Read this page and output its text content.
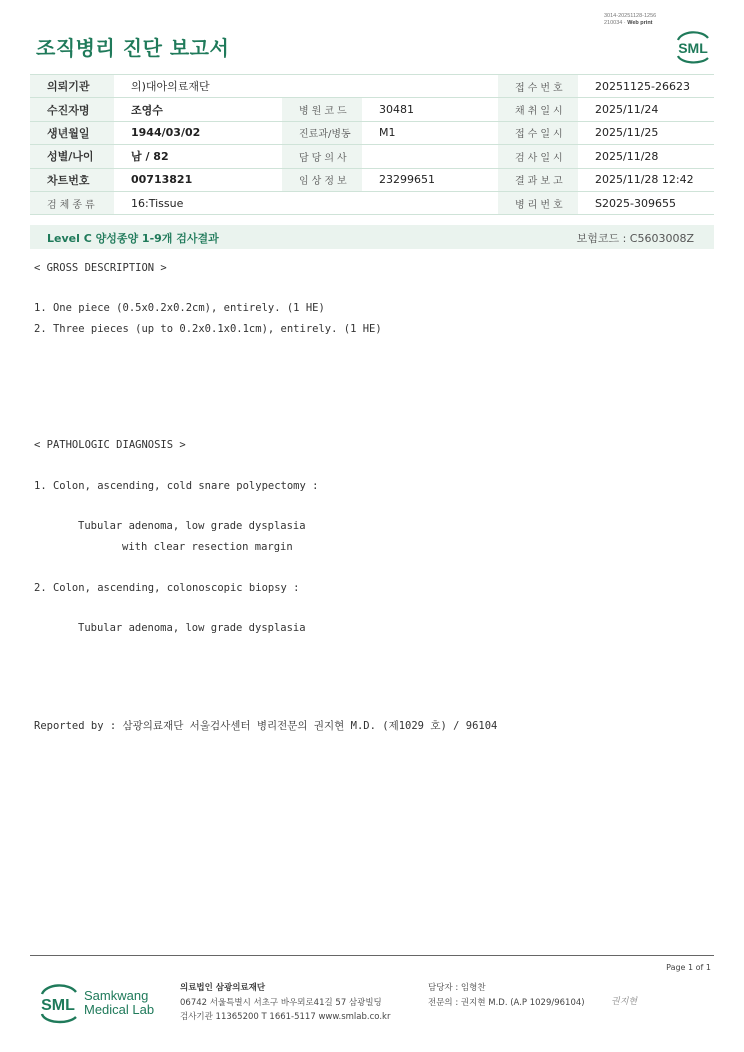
3014-20251128-1256
210034 · Web print
조직병리 진단 보고서	SML
의뢰기관	의)대아의료재단			접수번호	20251125-26623
수진자명	조영수	병원코드	30481	채취일시	2025/11/24
생년월일	1944/03/02	진료과/병동	M1	접수일시	2025/11/25
성별/나이	남 / 82	담당의사		검사일시	2025/11/28
차트번호	00713821	임상정보	23299651	결과보고	2025/11/28 12:42
검체종류	16:Tissue			병리번호	S2025-309655
Level C 양성종양 1-9개 검사결과	보험코드 : C5603008Z
< GROSS DESCRIPTION >
1. One piece (0.5x0.2x0.2cm), entirely. (1 HE)
2. Three pieces (up to 0.2x0.1x0.1cm), entirely. (1 HE)
< PATHOLOGIC DIAGNOSIS >
1. Colon, ascending, cold snare polypectomy :
Tubular adenoma, low grade dysplasia
with clear resection margin
2. Colon, ascending, colonoscopic biopsy :
Tubular adenoma, low grade dysplasia
Reported by : 삼광의료재단 서울검사센터 병리전문의 권지현 M.D. (제1029 호) / 96104
Page 1 of 1
SML
Samkwang
Medical Lab
의료법인 삼광의료재단
06742 서울특별시 서초구 바우뫼로41길 57 삼광빌딩
검사기관 11365200 T 1661-5117 www.smlab.co.kr
담당자 : 임형찬
전문의 : 권지현 M.D. (A.P 1029/96104)	권지현
